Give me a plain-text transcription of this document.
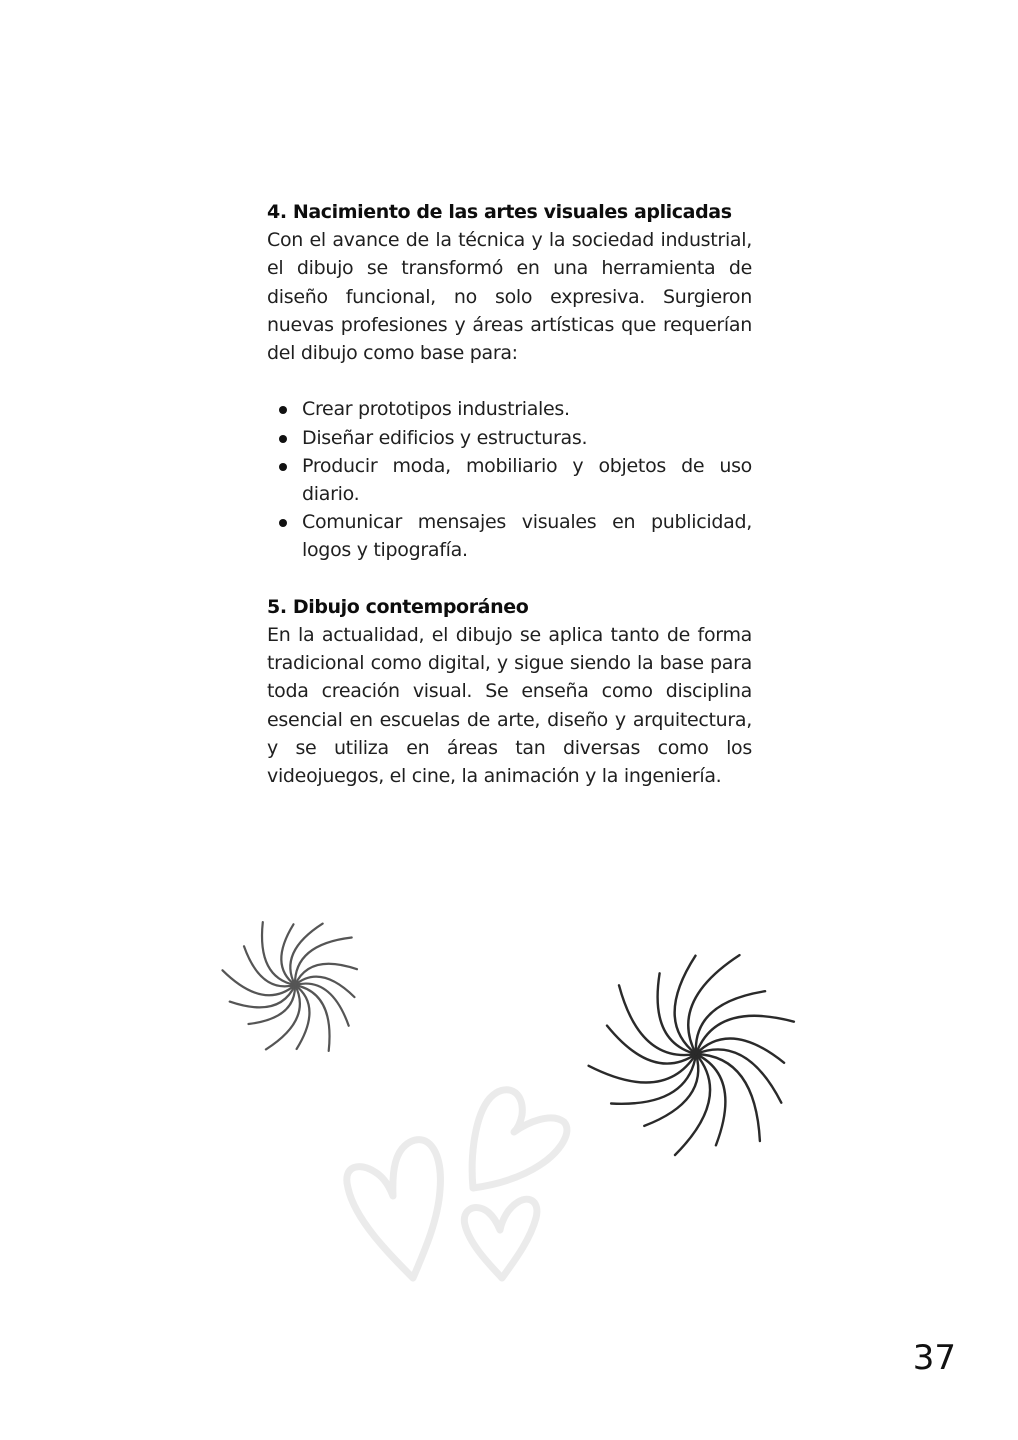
4. Nacimiento de las artes visuales aplicadas

Con el avance de la técnica y la sociedad industrial, el dibujo se transformó en una herramienta de diseño funcional, no solo expresiva. Surgieron nuevas profesiones y áreas artísticas que requerían del dibujo como base para:

Crear prototipos industriales.
Diseñar edificios y estructuras.
Producir moda, mobiliario y objetos de uso diario.
Comunicar mensajes visuales en publicidad, logos y tipografía.
5. Dibujo contemporáneo

En la actualidad, el dibujo se aplica tanto de forma tradicional como digital, y sigue siendo la base para toda creación visual. Se enseña como disciplina esencial en escuelas de arte, diseño y arquitectura, y se utiliza en áreas tan diversas como los videojuegos, el cine, la animación y la ingeniería.

37
